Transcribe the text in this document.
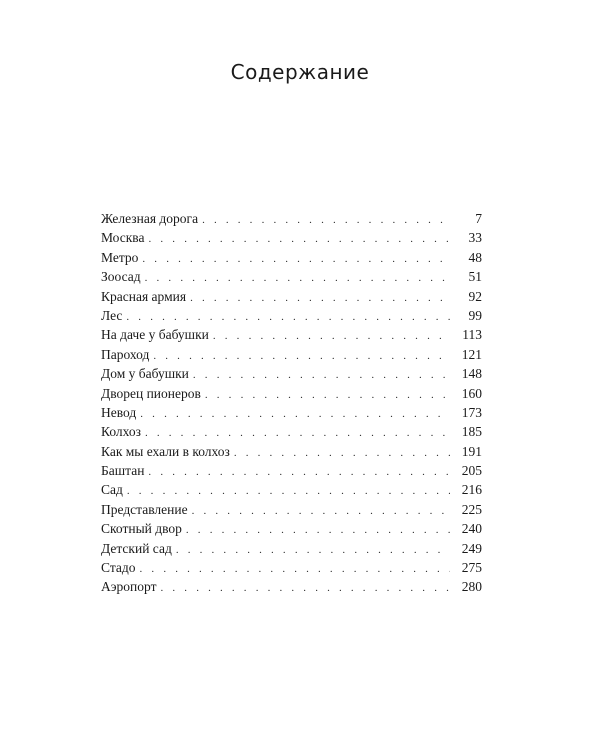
Содержание
Железная дорога . . .	7
Москва . . .	33
Метро . . .	48
Зоосад . . .	51
Красная армия . . .	92
Лес . . .	99
На даче у бабушки . . .	113
Пароход . . .	121
Дом у бабушки . . .	148
Дворец пионеров . . .	160
Невод . . .	173
Колхоз . . .	185
Как мы ехали в колхоз . . .	191
Баштан . . .	205
Сад . . .	216
Представление . . .	225
Скотный двор . . .	240
Детский сад . . .	249
Стадо . . .	275
Аэропорт . . .	280
